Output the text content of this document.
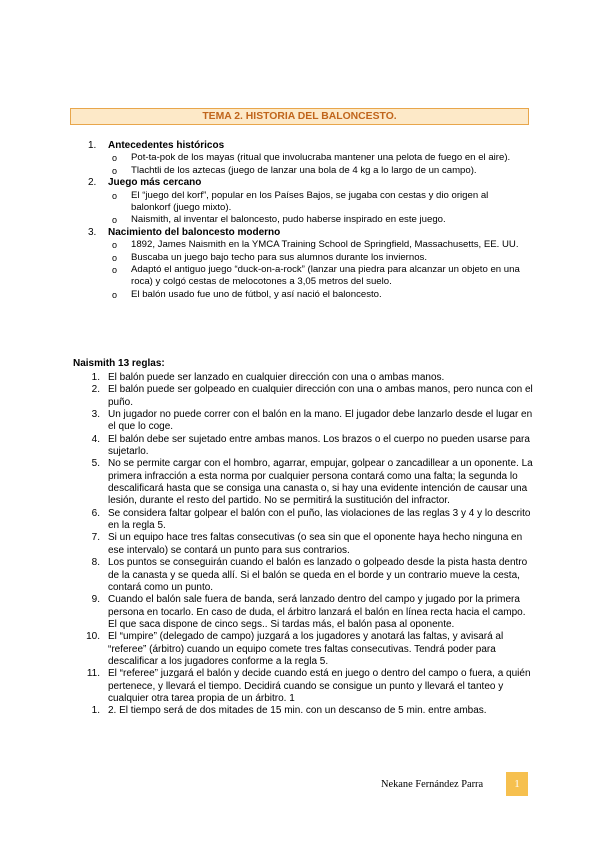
TEMA 2. HISTORIA DEL BALONCESTO.
1. Antecedentes históricos
o Pot-ta-pok de los mayas (ritual que involucraba mantener una pelota de fuego en el aire).
o Tlachtli de los aztecas (juego de lanzar una bola de 4 kg a lo largo de un campo).
2. Juego más cercano
o El “juego del korf”, popular en los Países Bajos, se jugaba con cestas y dio origen al balonkorf (juego mixto).
o Naismith, al inventar el baloncesto, pudo haberse inspirado en este juego.
3. Nacimiento del baloncesto moderno
o 1892, James Naismith en la YMCA Training School de Springfield, Massachusetts, EE. UU.
o Buscaba un juego bajo techo para sus alumnos durante los inviernos.
o Adaptó el antiguo juego “duck-on-a-rock” (lanzar una piedra para alcanzar un objeto en una roca) y colgó cestas de melocotones a 3,05 metros del suelo.
o El balón usado fue uno de fútbol, y así nació el baloncesto.
Naismith 13 reglas:
1. El balón puede ser lanzado en cualquier dirección con una o ambas manos.
2. El balón puede ser golpeado en cualquier dirección con una o ambas manos, pero nunca con el puño.
3. Un jugador no puede correr con el balón en la mano. El jugador debe lanzarlo desde el lugar en el que lo coge.
4. El balón debe ser sujetado entre ambas manos. Los brazos o el cuerpo no pueden usarse para sujetarlo.
5. No se permite cargar con el hombro, agarrar, empujar, golpear o zancadillear a un oponente. La primera infracción a esta norma por cualquier persona contará como una falta; la segunda lo descalificará hasta que se consiga una canasta o, si hay una evidente intención de causar una lesión, durante el resto del partido. No se permitirá la sustitución del infractor.
6. Se considera faltar golpear el balón con el puño, las violaciones de las reglas 3 y 4 y lo descrito en la regla 5.
7. Si un equipo hace tres faltas consecutivas (o sea sin que el oponente haya hecho ninguna en ese intervalo) se contará un punto para sus contrarios.
8. Los puntos se conseguirán cuando el balón es lanzado o golpeado desde la pista hasta dentro de la canasta y se queda allí. Si el balón se queda en el borde y un contrario mueve la cesta, contará como un punto.
9. Cuando el balón sale fuera de banda, será lanzado dentro del campo y jugado por la primera persona en tocarlo. En caso de duda, el árbitro lanzará el balón en línea recta hacia el campo. El que saca dispone de cinco segs.. Si tardas más, el balón pasa al oponente.
10. El “umpire” (delegado de campo) juzgará a los jugadores y anotará las faltas, y avisará al “referee” (árbitro) cuando un equipo comete tres faltas consecutivas. Tendrá poder para descalificar a los jugadores conforme a la regla 5.
11. El “referee” juzgará el balón y decide cuando está en juego o dentro del campo o fuera, a quién pertenece, y llevará el tiempo. Decidirá cuando se consigue un punto y llevará el tanteo y cualquier otra tarea propia de un árbitro. 1
1. 2. El tiempo será de dos mitades de 15 min. con un descanso de 5 min. entre ambas.
Nekane Fernández Parra	1
